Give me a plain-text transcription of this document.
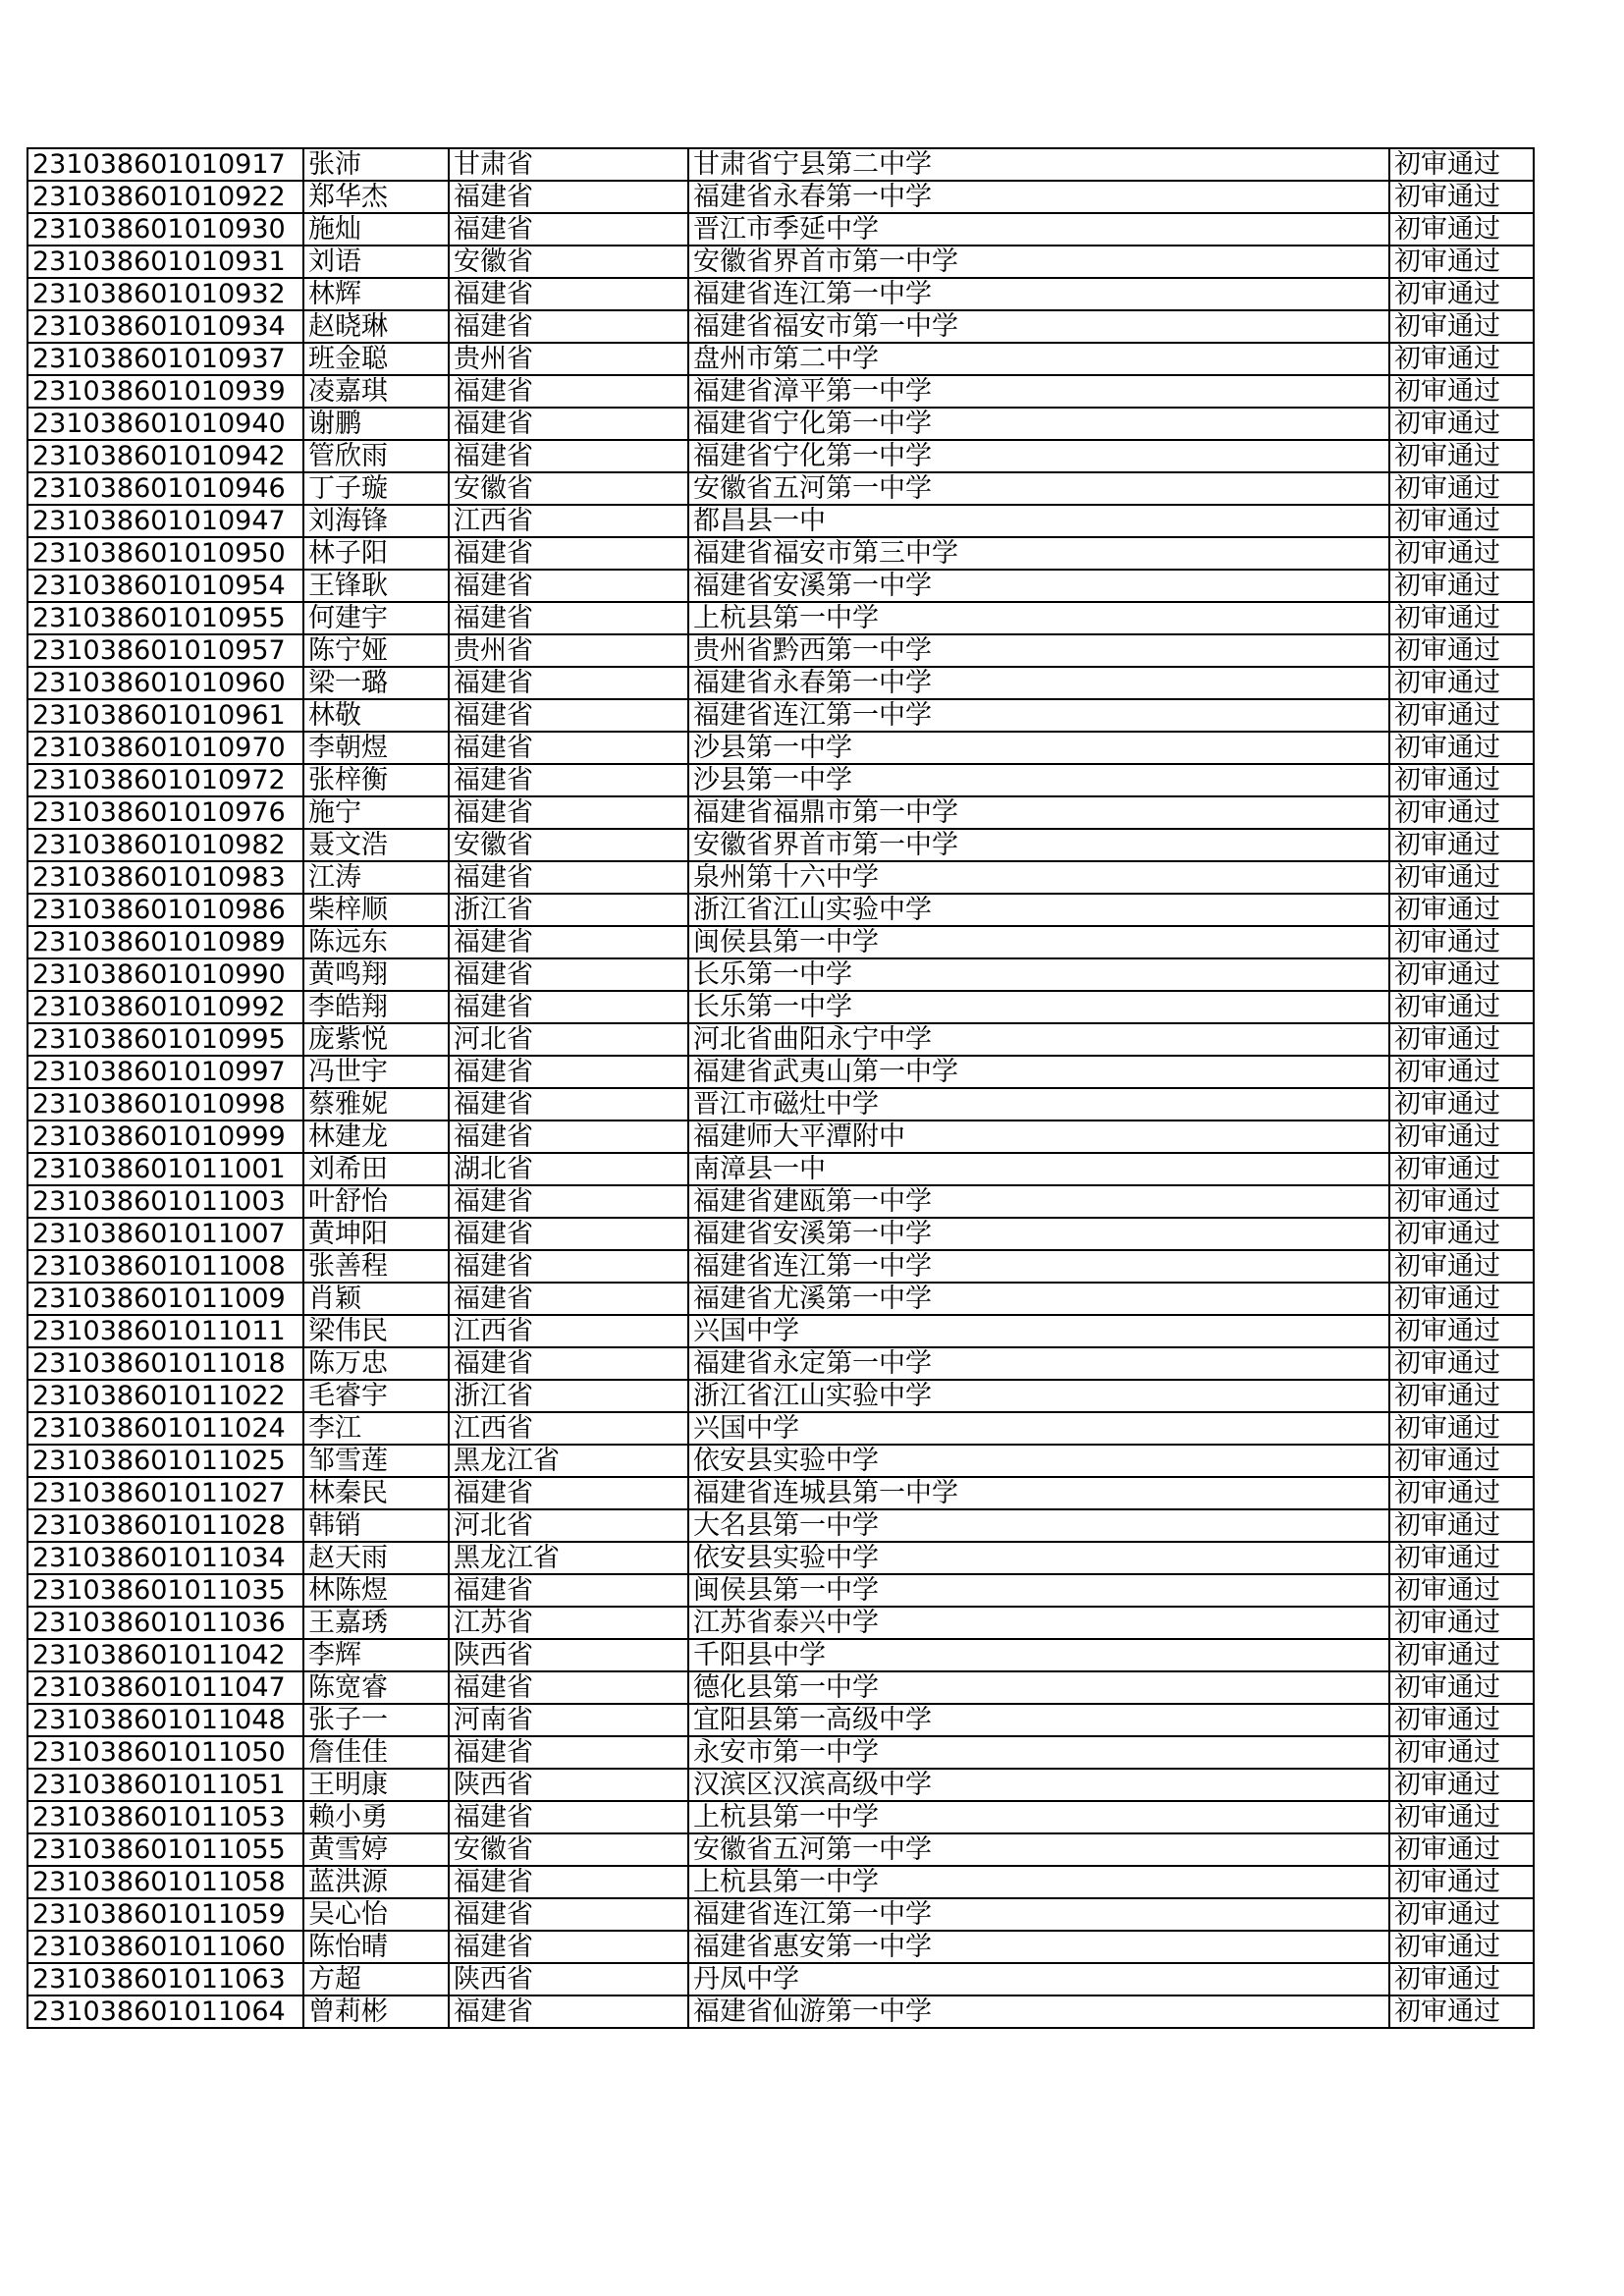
231038601010917	张沛	甘肃省	甘肃省宁县第二中学		初审通过
231038601010922	郑华杰	福建省	福建省永春第一中学		初审通过
231038601010930	施灿	福建省	晋江市季延中学		初审通过
231038601010931	刘语	安徽省	安徽省界首市第一中学		初审通过
231038601010932	林辉	福建省	福建省连江第一中学		初审通过
231038601010934	赵晓琳	福建省	福建省福安市第一中学		初审通过
231038601010937	班金聪	贵州省	盘州市第二中学		初审通过
231038601010939	凌嘉琪	福建省	福建省漳平第一中学		初审通过
231038601010940	谢鹏	福建省	福建省宁化第一中学		初审通过
231038601010942	管欣雨	福建省	福建省宁化第一中学		初审通过
231038601010946	丁子璇	安徽省	安徽省五河第一中学		初审通过
231038601010947	刘海锋	江西省	都昌县一中		初审通过
231038601010950	林子阳	福建省	福建省福安市第三中学		初审通过
231038601010954	王锋耿	福建省	福建省安溪第一中学		初审通过
231038601010955	何建宇	福建省	上杭县第一中学		初审通过
231038601010957	陈宁娅	贵州省	贵州省黔西第一中学		初审通过
231038601010960	梁一璐	福建省	福建省永春第一中学		初审通过
231038601010961	林敬	福建省	福建省连江第一中学		初审通过
231038601010970	李朝煜	福建省	沙县第一中学		初审通过
231038601010972	张梓衡	福建省	沙县第一中学		初审通过
231038601010976	施宁	福建省	福建省福鼎市第一中学		初审通过
231038601010982	聂文浩	安徽省	安徽省界首市第一中学		初审通过
231038601010983	江涛	福建省	泉州第十六中学		初审通过
231038601010986	柴梓顺	浙江省	浙江省江山实验中学		初审通过
231038601010989	陈远东	福建省	闽侯县第一中学		初审通过
231038601010990	黄鸣翔	福建省	长乐第一中学		初审通过
231038601010992	李皓翔	福建省	长乐第一中学		初审通过
231038601010995	庞紫悦	河北省	河北省曲阳永宁中学		初审通过
231038601010997	冯世宇	福建省	福建省武夷山第一中学		初审通过
231038601010998	蔡雅妮	福建省	晋江市磁灶中学		初审通过
231038601010999	林建龙	福建省	福建师大平潭附中		初审通过
231038601011001	刘希田	湖北省	南漳县一中		初审通过
231038601011003	叶舒怡	福建省	福建省建瓯第一中学		初审通过
231038601011007	黄坤阳	福建省	福建省安溪第一中学		初审通过
231038601011008	张善程	福建省	福建省连江第一中学		初审通过
231038601011009	肖颖	福建省	福建省尤溪第一中学		初审通过
231038601011011	梁伟民	江西省	兴国中学		初审通过
231038601011018	陈万忠	福建省	福建省永定第一中学		初审通过
231038601011022	毛睿宇	浙江省	浙江省江山实验中学		初审通过
231038601011024	李江	江西省	兴国中学		初审通过
231038601011025	邹雪莲	黑龙江省	依安县实验中学		初审通过
231038601011027	林秦民	福建省	福建省连城县第一中学		初审通过
231038601011028	韩销	河北省	大名县第一中学		初审通过
231038601011034	赵天雨	黑龙江省	依安县实验中学		初审通过
231038601011035	林陈煜	福建省	闽侯县第一中学		初审通过
231038601011036	王嘉琇	江苏省	江苏省泰兴中学		初审通过
231038601011042	李辉	陕西省	千阳县中学		初审通过
231038601011047	陈宽睿	福建省	德化县第一中学		初审通过
231038601011048	张子一	河南省	宜阳县第一高级中学		初审通过
231038601011050	詹佳佳	福建省	永安市第一中学		初审通过
231038601011051	王明康	陕西省	汉滨区汉滨高级中学		初审通过
231038601011053	赖小勇	福建省	上杭县第一中学		初审通过
231038601011055	黄雪婷	安徽省	安徽省五河第一中学		初审通过
231038601011058	蓝洪源	福建省	上杭县第一中学		初审通过
231038601011059	吴心怡	福建省	福建省连江第一中学		初审通过
231038601011060	陈怡晴	福建省	福建省惠安第一中学		初审通过
231038601011063	方超	陕西省	丹凤中学		初审通过
231038601011064	曾莉彬	福建省	福建省仙游第一中学		初审通过
